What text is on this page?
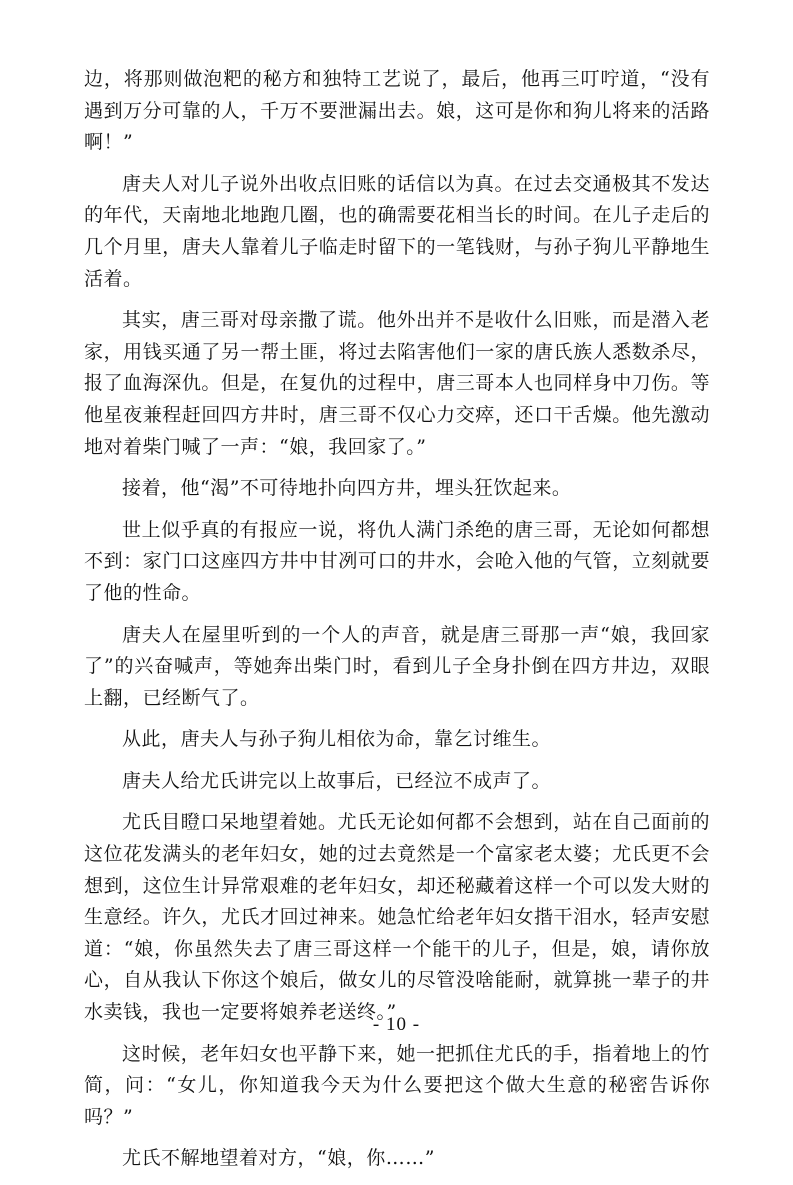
边，将那则做泡粑的秘方和独特工艺说了，最后，他再三叮咛道，“没有遇到万分可靠的人，千万不要泄漏出去。娘，这可是你和狗儿将来的活路啊！”

唐夫人对儿子说外出收点旧账的话信以为真。在过去交通极其不发达的年代，天南地北地跑几圈，也的确需要花相当长的时间。在儿子走后的几个月里，唐夫人靠着儿子临走时留下的一笔钱财，与孙子狗儿平静地生活着。

其实，唐三哥对母亲撒了谎。他外出并不是收什么旧账，而是潜入老家，用钱买通了另一帮土匪，将过去陷害他们一家的唐氏族人悉数杀尽，报了血海深仇。但是，在复仇的过程中，唐三哥本人也同样身中刀伤。等他星夜兼程赶回四方井时，唐三哥不仅心力交瘁，还口干舌燥。他先激动地对着柴门喊了一声：“娘，我回家了。”

接着，他“渴”不可待地扑向四方井，埋头狂饮起来。

世上似乎真的有报应一说，将仇人满门杀绝的唐三哥，无论如何都想不到：家门口这座四方井中甘冽可口的井水，会呛入他的气管，立刻就要了他的性命。

唐夫人在屋里听到的一个人的声音，就是唐三哥那一声“娘，我回家了”的兴奋喊声，等她奔出柴门时，看到儿子全身扑倒在四方井边，双眼上翻，已经断气了。

从此，唐夫人与孙子狗儿相依为命，靠乞讨维生。

唐夫人给尤氏讲完以上故事后，已经泣不成声了。

尤氏目瞪口呆地望着她。尤氏无论如何都不会想到，站在自己面前的这位花发满头的老年妇女，她的过去竟然是一个富家老太婆；尤氏更不会想到，这位生计异常艰难的老年妇女，却还秘藏着这样一个可以发大财的生意经。许久，尤氏才回过神来。她急忙给老年妇女揩干泪水，轻声安慰道：“娘，你虽然失去了唐三哥这样一个能干的儿子，但是，娘，请你放心，自从我认下你这个娘后，做女儿的尽管没啥能耐，就算挑一辈子的井水卖钱，我也一定要将娘养老送终。”

这时候，老年妇女也平静下来，她一把抓住尤氏的手，指着地上的竹简，问：“女儿，你知道我今天为什么要把这个做大生意的秘密告诉你吗？”

尤氏不解地望着对方，“娘，你……”

- 10 -
